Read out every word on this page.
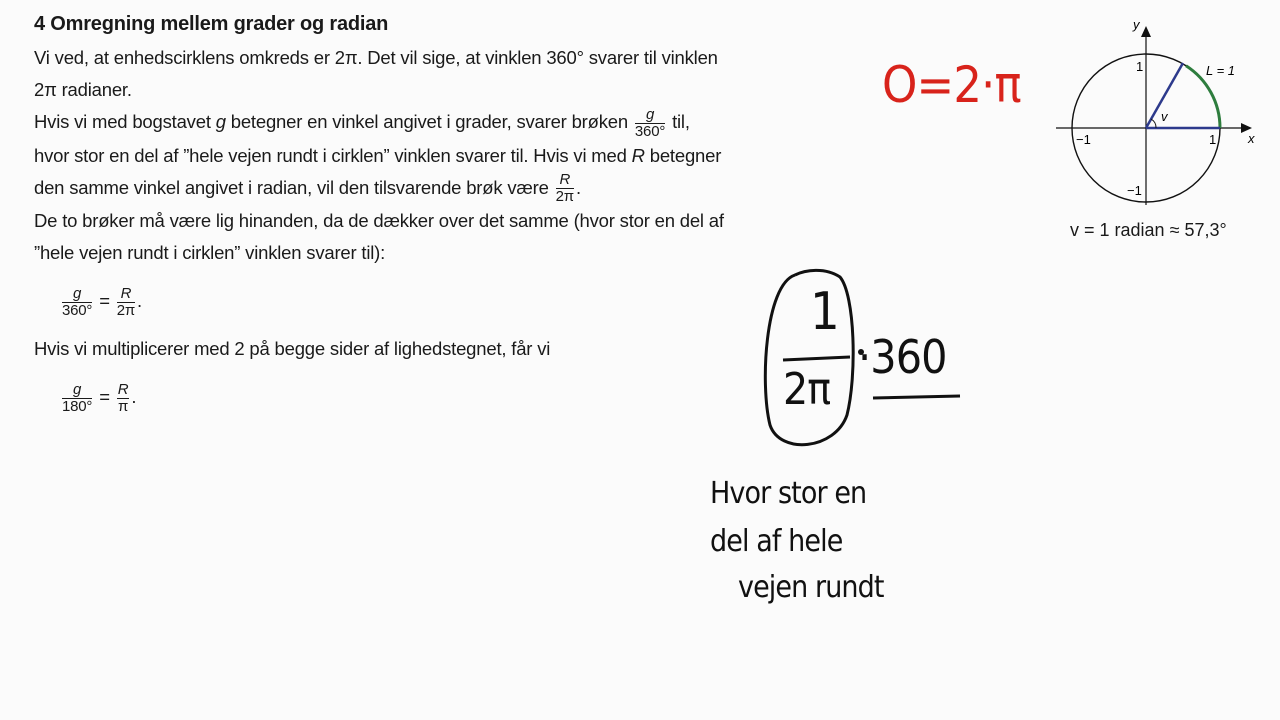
4 Omregning mellem grader og radian

Vi ved, at enhedscirklens omkreds er 2π. Det vil sige, at vinklen 360° svarer til vinklen

2π radianer.

Hvis vi med bogstavet g betegner en vinkel angivet i grader, svarer brøken $\frac{g}{360^\circ}$ til,

hvor stor en del af ”hele vejen rundt i cirklen” vinklen svarer til. Hvis vi med R betegner

den samme vinkel angivet i radian, vil den tilsvarende brøk være $\frac{R}{2\pi}$ .

De to brøker må være lig hinanden, da de dækker over det samme (hvor stor en del af

”hele vejen rundt i cirklen” vinklen svarer til):

$\frac{g}{360^\circ} = \frac{R}{2\pi}$ .

Hvis vi multiplicerer med 2 på begge sider af lighedstegnet, får vi

$\frac{g}{180^\circ} = \frac{R}{\pi}$ .
y
x
1
1
−1
−1
L = 1
v
v = 1 radian ≈ 57,3°
O=2·π
1
2π
·360
Hvor stor en
del af hele
vejen rundt
